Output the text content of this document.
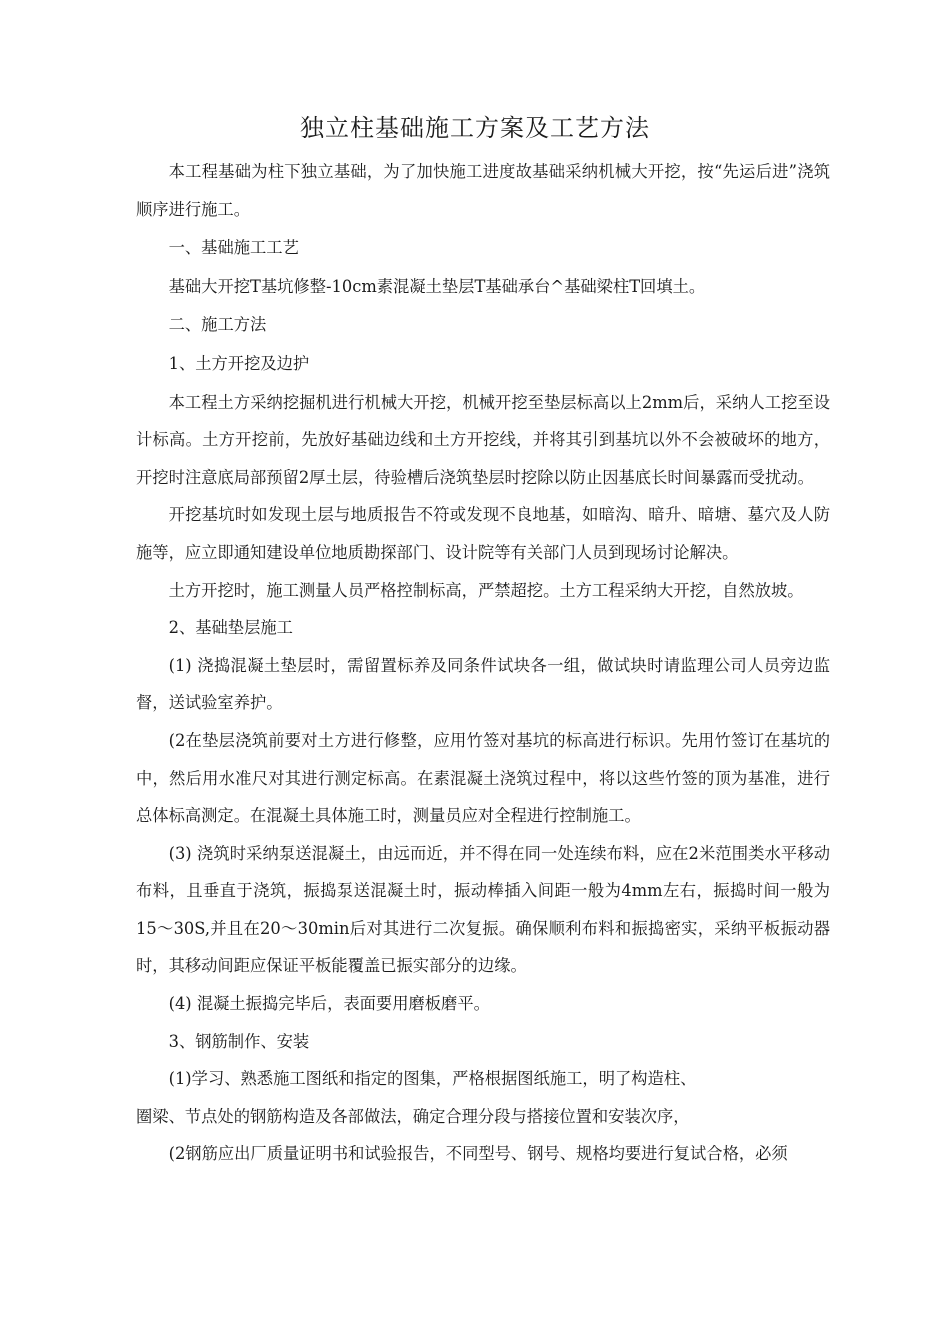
独立柱基础施工方案及工艺方法

本工程基础为柱下独立基础，为了加快施工进度故基础采纳机械大开挖，按“先运后进”浇筑顺序进行施工。

一、基础施工工艺

基础大开挖T基坑修整-10cm素混凝土垫层T基础承台^基础梁柱T回填土。

二、施工方法

1、土方开挖及边护

本工程土方采纳挖掘机进行机械大开挖，机械开挖至垫层标高以上2mm后，采纳人工挖至设计标高。土方开挖前，先放好基础边线和土方开挖线，并将其引到基坑以外不会被破坏的地方，开挖时注意底局部预留2厚土层，待验槽后浇筑垫层时挖除以防止因基底长时间暴露而受扰动。

开挖基坑时如发现土层与地质报告不符或发现不良地基，如暗沟、暗升、暗塘、墓穴及人防施等，应立即通知建设单位地质勘探部门、设计院等有关部门人员到现场讨论解决。

土方开挖时，施工测量人员严格控制标高，严禁超挖。土方工程采纳大开挖，自然放坡。

2、基础垫层施工

(1) 浇捣混凝土垫层时，需留置标养及同条件试块各一组，做试块时请监理公司人员旁边监督，送试验室养护。

(2在垫层浇筑前要对土方进行修整，应用竹签对基坑的标高进行标识。先用竹签订在基坑的中，然后用水准尺对其进行测定标高。在素混凝土浇筑过程中，将以这些竹签的顶为基准，进行总体标高测定。在混凝土具体施工时，测量员应对全程进行控制施工。

(3) 浇筑时采纳泵送混凝土，由远而近，并不得在同一处连续布料，应在2米范围类水平移动布料，且垂直于浇筑，振捣泵送混凝土时，振动棒插入间距一般为4mm左右，振捣时间一般为15〜30S,并且在20〜30min后对其进行二次复振。确保顺利布料和振捣密实，采纳平板振动器时，其移动间距应保证平板能覆盖已振实部分的边缘。

(4) 混凝土振捣完毕后，表面要用磨板磨平。

3、钢筋制作、安装

(1)学习、熟悉施工图纸和指定的图集，严格根据图纸施工，明了构造柱、

圈梁、节点处的钢筋构造及各部做法，确定合理分段与搭接位置和安装次序，

(2钢筋应出厂质量证明书和试验报告，不同型号、钢号、规格均要进行复试合格，必须
